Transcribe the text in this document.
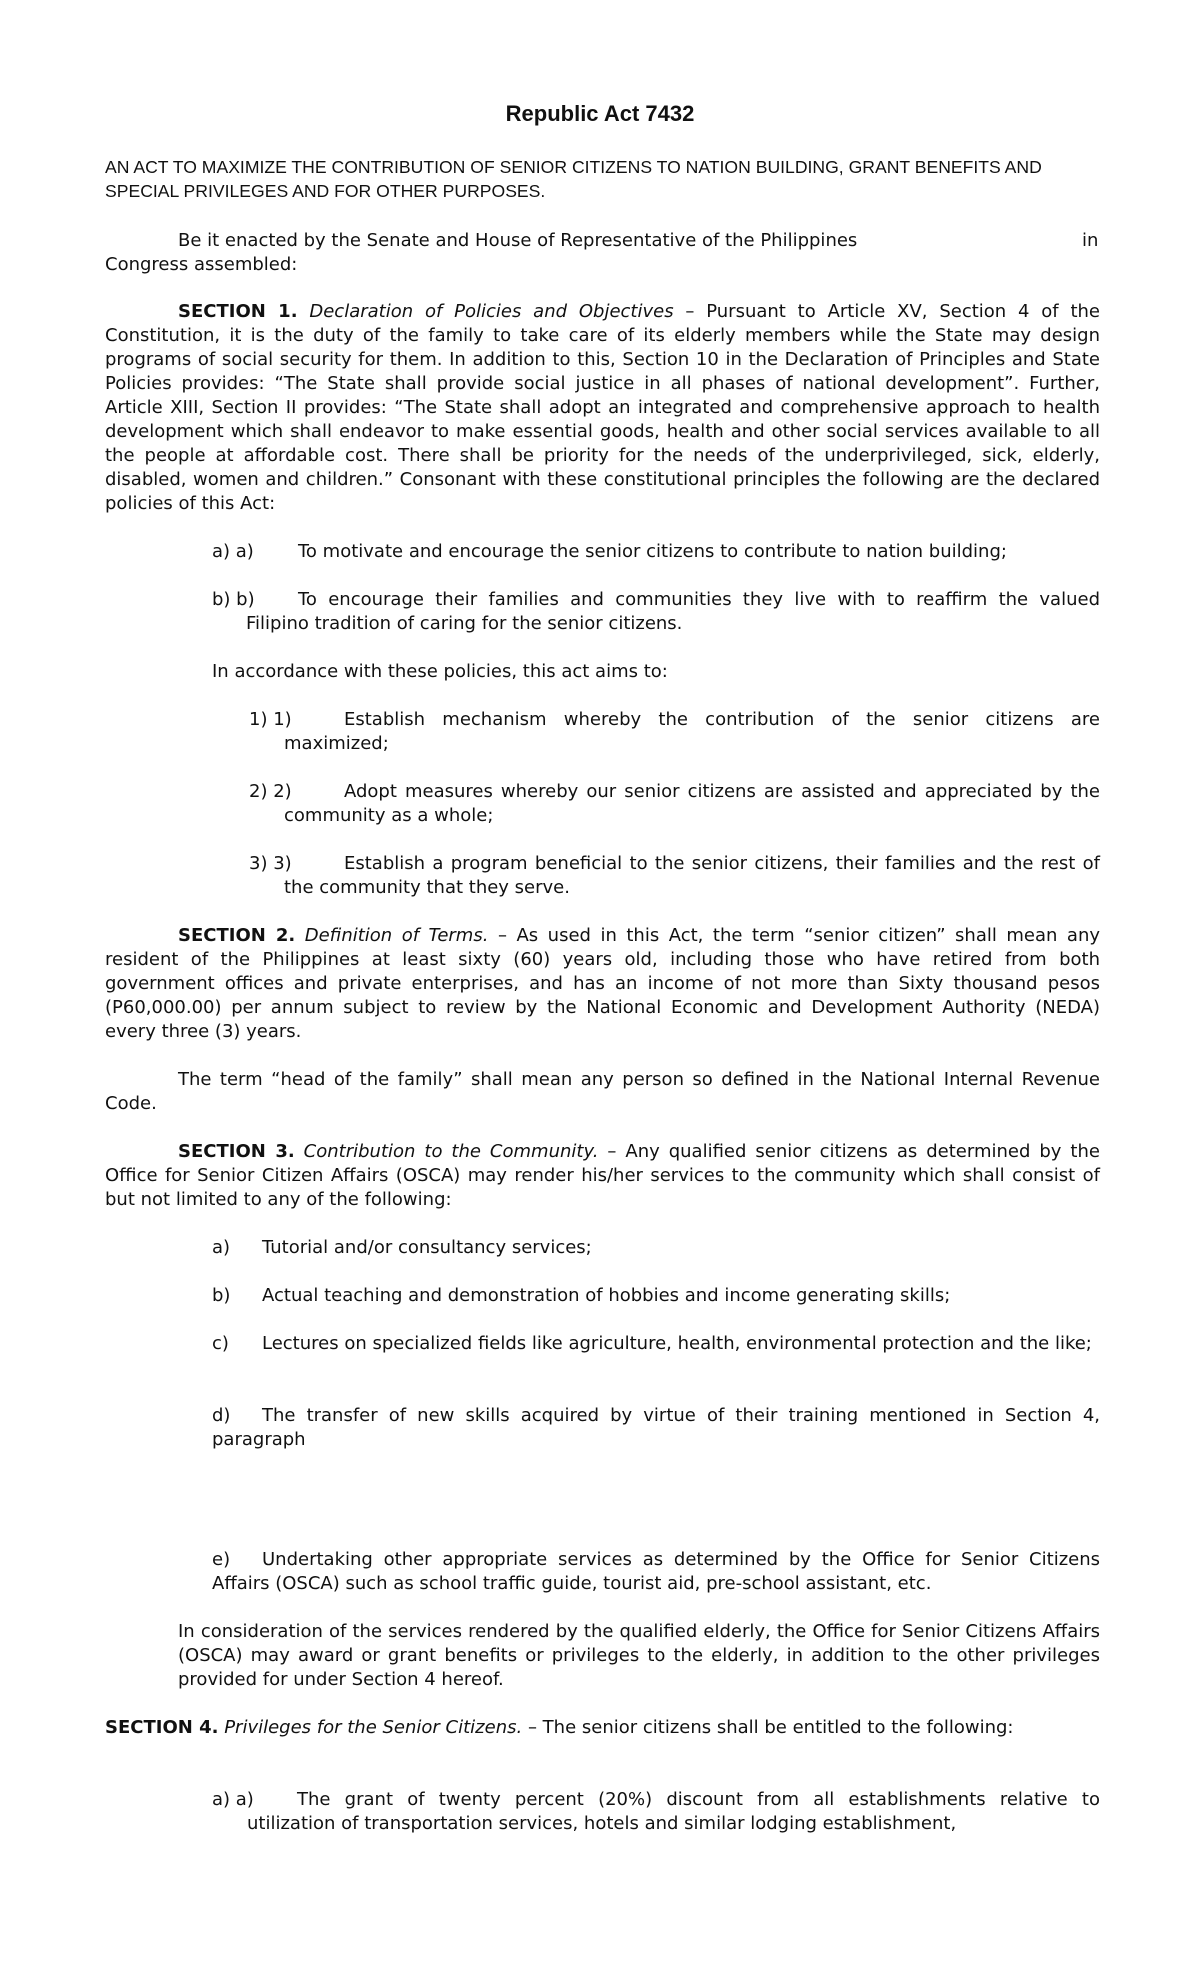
Republic Act 7432

AN ACT TO MAXIMIZE THE CONTRIBUTION OF SENIOR CITIZENS TO NATION BUILDING, GRANT BENEFITS AND SPECIAL PRIVILEGES AND FOR OTHER PURPOSES.

Be it enacted by the Senate and House of Representative of the Philippines	in
Congress assembled:

SECTION 1. Declaration of Policies and Objectives – Pursuant to Article XV, Section 4 of the Constitution, it is the duty of the family to take care of its elderly members while the State may design programs of social security for them. In addition to this, Section 10 in the Declaration of Principles and State Policies provides: “The State shall provide social justice in all phases of national development”. Further, Article XIII, Section II provides: “The State shall adopt an integrated and comprehensive approach to health development which shall endeavor to make essential goods, health and other social services available to all the people at affordable cost. There shall be priority for the needs of the underprivileged, sick, elderly, disabled, women and children.” Consonant with these constitutional principles the following are the declared policies of this Act:

a) a) To motivate and encourage the senior citizens to contribute to nation building;
b) b)	To encourage their families and communities they live with to reaffirm the valued Filipino tradition of caring for the senior citizens.
In accordance with these policies, this act aims to:
1) 1)	Establish mechanism whereby the contribution of the senior citizens are maximized;
2) 2)	Adopt measures whereby our senior citizens are assisted and appreciated by the community as a whole;
3) 3)	Establish a program beneficial to the senior citizens, their families and the rest of the community that they serve.

SECTION 2. Definition of Terms. – As used in this Act, the term “senior citizen” shall mean any resident of the Philippines at least sixty (60) years old, including those who have retired from both government offices and private enterprises, and has an income of not more than Sixty thousand pesos (P60,000.00) per annum subject to review by the National Economic and Development Authority (NEDA) every three (3) years.

The term “head of the family” shall mean any person so defined in the National Internal Revenue Code.

SECTION 3. Contribution to the Community. – Any qualified senior citizens as determined by the Office for Senior Citizen Affairs (OSCA) may render his/her services to the community which shall consist of but not limited to any of the following:

a)	Tutorial and/or consultancy services;
b)	Actual teaching and demonstration of hobbies and income generating skills;
c)	Lectures on specialized fields like agriculture, health, environmental protection and the like;
d)	The transfer of new skills acquired by virtue of their training mentioned in Section 4, paragraph
e)	Undertaking other appropriate services as determined by the Office for Senior Citizens Affairs (OSCA) such as school traffic guide, tourist aid, pre-school assistant, etc.

In consideration of the services rendered by the qualified elderly, the Office for Senior Citizens Affairs (OSCA) may award or grant benefits or privileges to the elderly, in addition to the other privileges provided for under Section 4 hereof.

SECTION 4. Privileges for the Senior Citizens. – The senior citizens shall be entitled to the following:

a) a)	The grant of twenty percent (20%) discount from all establishments relative to utilization of transportation services, hotels and similar lodging establishment,
